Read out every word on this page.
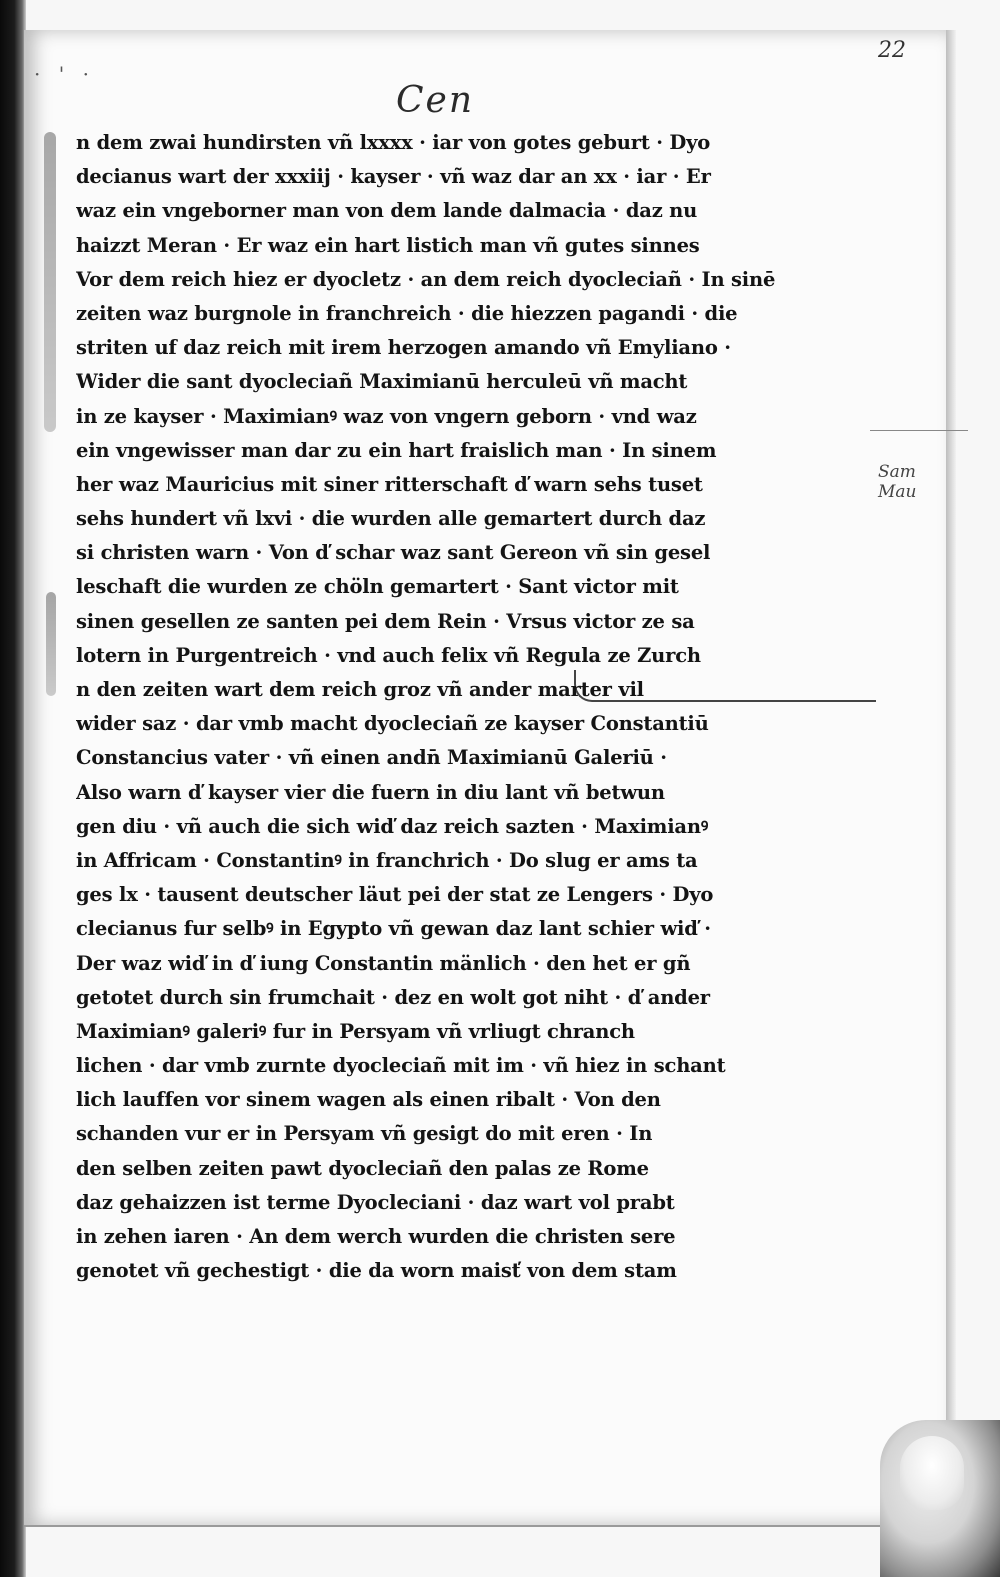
· ' ·
22
Cen
Sam
Mau
n dem zwai hundirsten vñ lxxxx · iar von gotes geburt · Dyo
decianus wart der xxxiij · kayser · vñ waz dar an xx · iar · Er
waz ein vngeborner man von dem lande dalmacia · daz nu
haizzt Meran · Er waz ein hart listich man vñ gutes sinnes
Vor dem reich hiez er dyocletz · an dem reich dyocleciañ · In sinē
zeiten waz burgnole in franchreich · die hiezzen pagandi · die
striten uf daz reich mit irem herzogen amando vñ Emyliano ·
Wider die sant dyocleciañ Maximianū herculeū vñ macht
in ze kayser · Maximianꝰ waz von vngern geborn · vnd waz
ein vngewisser man dar zu ein hart fraislich man · In sinem
her waz Mauricius mit siner ritterschaft ď warn sehs tuset
sehs hundert vñ lxvi · die wurden alle gemartert durch daz
si christen warn · Von ď schar waz sant Gereon vñ sin gesel
leschaft die wurden ze chöln gemartert · Sant victor mit
sinen gesellen ze santen pei dem Rein · Vrsus victor ze sa
lotern in Purgentreich · vnd auch felix vñ Regula ze Zurch
n den zeiten wart dem reich groz vñ ander marter vil
wider saz · dar vmb macht dyocleciañ ze kayser Constantiū
Constancius vater · vñ einen andn̄ Maximianū Galeriū ·
Also warn ď kayser vier die fuern in diu lant vñ betwun
gen diu · vñ auch die sich wiď daz reich sazten · Maximianꝰ
in Affricam · Constantinꝰ in franchrich · Do slug er ams ta
ges lx · tausent deutscher läut pei der stat ze Lengers · Dyo
clecianus fur selbꝰ in Egypto vñ gewan daz lant schier wiď ·
Der waz wiď in ď iung Constantin mänlich · den het er gñ
getotet durch sin frumchait · dez en wolt got niht · ď ander
Maximianꝰ galeriꝰ fur in Persyam vñ vrliugt chranch
lichen · dar vmb zurnte dyocleciañ mit im · vñ hiez in schant
lich lauffen vor sinem wagen als einen ribalt · Von den
schanden vur er in Persyam vñ gesigt do mit eren · In
den selben zeiten pawt dyocleciañ den palas ze Rome
daz gehaizzen ist terme Dyocleciani · daz wart vol prabt
in zehen iaren · An dem werch wurden die christen sere
genotet vñ gechestigt · die da worn maisť von dem stam
